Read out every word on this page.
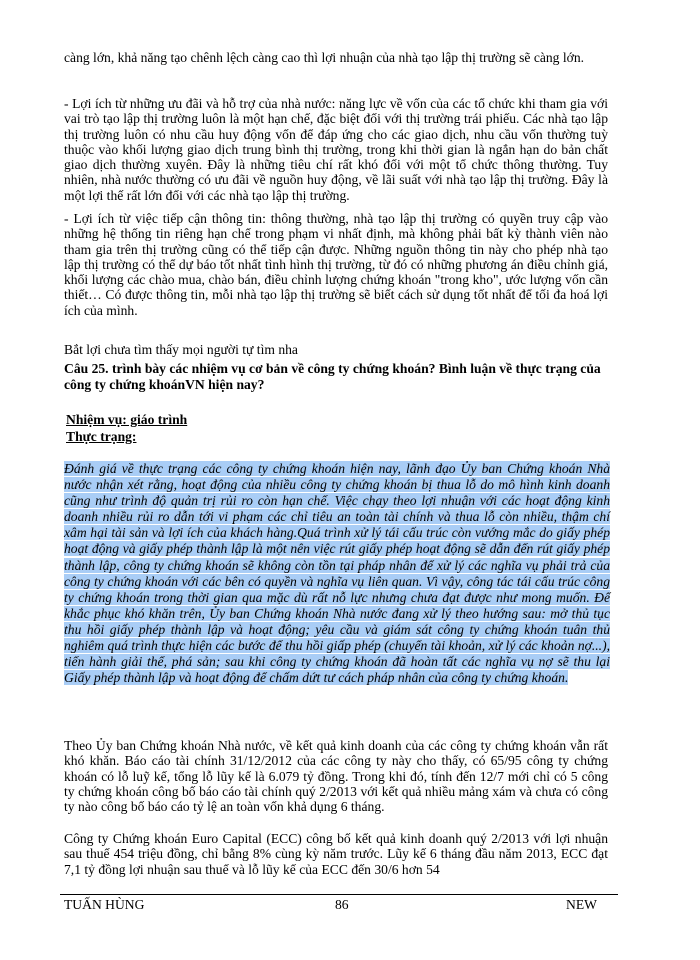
càng lớn, khả năng tạo chênh lệch càng cao thì lợi nhuận của nhà tạo lập thị trường sẽ càng lớn.

- Lợi ích từ những ưu đãi và hỗ trợ của nhà nước: năng lực về vốn của các tổ chức khi tham gia với vai trò tạo lập thị trường luôn là một hạn chế, đặc biệt đối với thị trường trái phiếu. Các nhà tạo lập thị trường luôn có nhu cầu huy động vốn để đáp ứng cho các giao dịch, nhu cầu vốn thường tuỳ thuộc vào khối lượng giao dịch trung bình thị trường, trong khi thời gian là ngắn hạn do bản chất giao dịch thường xuyên. Đây là những tiêu chí rất khó đối với một tổ chức thông thường. Tuy nhiên, nhà nước thường có ưu đãi về nguồn huy động, về lãi suất với nhà tạo lập thị trường. Đây là một lợi thế rất lớn đối với các nhà tạo lập thị trường.

- Lợi ích từ việc tiếp cận thông tin: thông thường, nhà tạo lập thị trường có quyền truy cập vào những hệ thống tin riêng hạn chế trong phạm vi nhất định, mà không phải bất kỳ thành viên nào tham gia trên thị trường cũng có thể tiếp cận được. Những nguồn thông tin này cho phép nhà tạo lập thị trường có thể dự báo tốt nhất tình hình thị trường, từ đó có những phương án điều chỉnh giá, khối lượng các chào mua, chào bán, điều chỉnh lượng chứng khoán "trong kho", ước lượng vốn cần thiết… Có được thông tin, mỗi nhà tạo lập thị trường sẽ biết cách sử dụng tốt nhất để tối đa hoá lợi ích của mình.

Bắt lợi chưa tìm thấy mọi người tự tìm nha

Câu 25. trình bày các nhiệm vụ cơ bản về công ty chứng khoán? Bình luận về thực trạng của công ty chứng khoánVN hiện nay?

Nhiệm vụ: giáo trình

Thực trạng:

Đánh giá về thực trạng các công ty chứng khoán hiện nay, lãnh đạo Ủy ban Chứng khoán Nhà nước nhận xét rằng, hoạt động của nhiều công ty chứng khoán bị thua lỗ do mô hình kinh doanh cũng như trình độ quản trị rủi ro còn hạn chế. Việc chạy theo lợi nhuận với các hoạt động kinh doanh nhiều rủi ro dẫn tới vi phạm các chỉ tiêu an toàn tài chính và thua lỗ còn nhiều, thậm chí xâm hại tài sản và lợi ích của khách hàng.Quá trình xử lý tái cấu trúc còn vướng mắc do giấy phép hoạt động và giấy phép thành lập là một nên việc rút giấy phép hoạt động sẽ dẫn đến rút giấy phép thành lập, công ty chứng khoán sẽ không còn tồn tại pháp nhân để xử lý các nghĩa vụ phải trả của công ty chứng khoán với các bên có quyền và nghĩa vụ liên quan. Vì vậy, công tác tái cấu trúc công ty chứng khoán trong thời gian qua mặc dù rất nỗ lực nhưng chưa đạt được như mong muốn. Để khắc phục khó khăn trên, Ủy ban Chứng khoán Nhà nước đang xử lý theo hướng sau: mở thủ tục thu hồi giấy phép thành lập và hoạt động; yêu cầu và giám sát công ty chứng khoán tuân thủ nghiêm quá trình thực hiện các bước để thu hồi giấp phép (chuyển tài khoản, xử lý các khoản nợ...), tiến hành giải thể, phá sản; sau khi công ty chứng khoán đã hoàn tất các nghĩa vụ nợ sẽ thu lại Giấy phép thành lập và hoạt động để chấm dứt tư cách pháp nhân của công ty chứng khoán.

Theo Ủy ban Chứng khoán Nhà nước, về kết quả kinh doanh của các công ty chứng khoán vẫn rất khó khăn. Báo cáo tài chính 31/12/2012 của các công ty này cho thấy, có 65/95 công ty chứng khoán có lỗ luỹ kế, tổng lỗ lũy kế là 6.079 tỷ đồng. Trong khi đó, tính đến 12/7 mới chỉ có 5 công ty chứng khoán công bố báo cáo tài chính quý 2/2013 với kết quả nhiều mảng xám và chưa có công ty nào công bố báo cáo tỷ lệ an toàn vốn khả dụng 6 tháng.

Công ty Chứng khoán Euro Capital (ECC) công bố kết quả kinh doanh quý 2/2013 với lợi nhuận sau thuế 454 triệu đồng, chỉ bằng 8% cùng kỳ năm trước. Lũy kế 6 tháng đầu năm 2013, ECC đạt 7,1 tỷ đồng lợi nhuận sau thuế và lỗ lũy kế của ECC đến 30/6 hơn 54

TUẤN HÙNG	86	NEW
